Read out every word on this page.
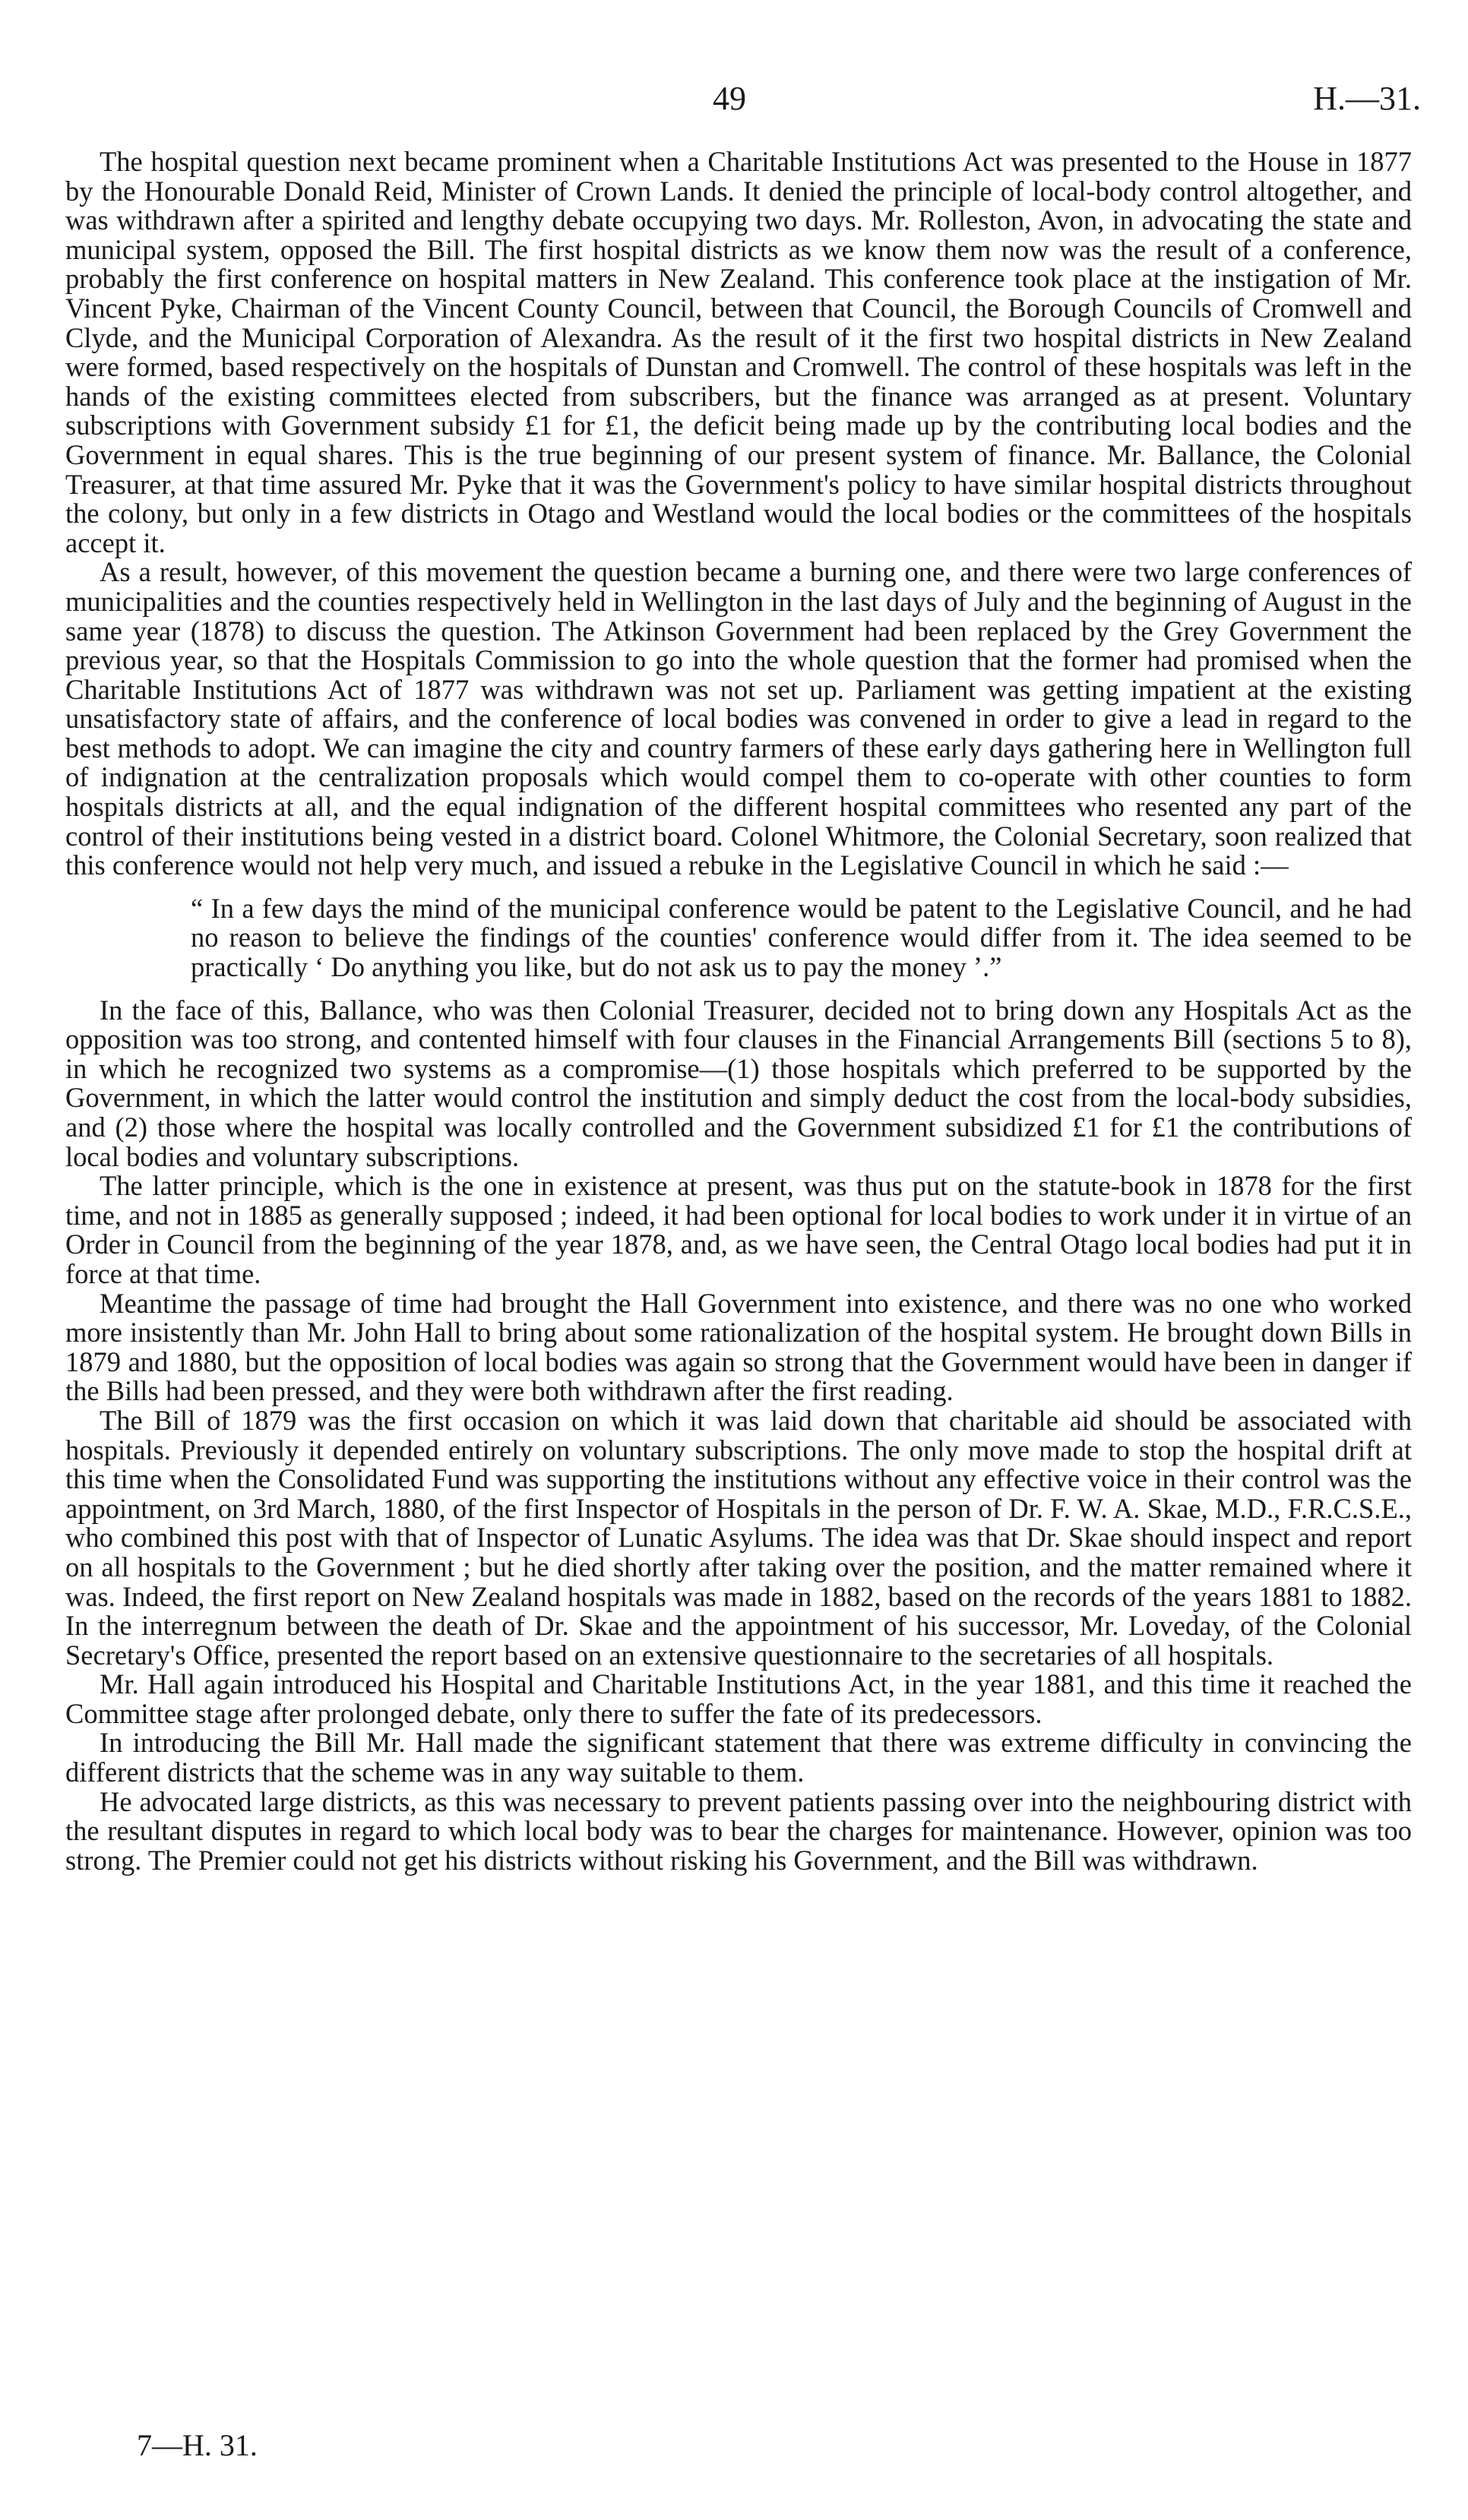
49	H.—31.

The hospital question next became prominent when a Charitable Institutions Act was presented to the House in 1877 by the Honourable Donald Reid, Minister of Crown Lands. It denied the principle of local-body control altogether, and was withdrawn after a spirited and lengthy debate occupying two days. Mr. Rolleston, Avon, in advocating the state and municipal system, opposed the Bill. The first hospital districts as we know them now was the result of a conference, probably the first conference on hospital matters in New Zealand. This conference took place at the instigation of Mr. Vincent Pyke, Chairman of the Vincent County Council, between that Council, the Borough Councils of Cromwell and Clyde, and the Municipal Corporation of Alexandra. As the result of it the first two hospital districts in New Zealand were formed, based respectively on the hospitals of Dunstan and Cromwell. The control of these hospitals was left in the hands of the existing committees elected from subscribers, but the finance was arranged as at present. Voluntary subscriptions with Government subsidy £1 for £1, the deficit being made up by the contributing local bodies and the Government in equal shares. This is the true beginning of our present system of finance. Mr. Ballance, the Colonial Treasurer, at that time assured Mr. Pyke that it was the Government's policy to have similar hospital districts throughout the colony, but only in a few districts in Otago and Westland would the local bodies or the committees of the hospitals accept it.

As a result, however, of this movement the question became a burning one, and there were two large conferences of municipalities and the counties respectively held in Wellington in the last days of July and the beginning of August in the same year (1878) to discuss the question. The Atkinson Government had been replaced by the Grey Government the previous year, so that the Hospitals Commission to go into the whole question that the former had promised when the Charitable Institutions Act of 1877 was withdrawn was not set up. Parliament was getting impatient at the existing unsatisfactory state of affairs, and the conference of local bodies was convened in order to give a lead in regard to the best methods to adopt. We can imagine the city and country farmers of these early days gathering here in Wellington full of indignation at the centralization proposals which would compel them to co-operate with other counties to form hospitals districts at all, and the equal indignation of the different hospital committees who resented any part of the control of their institutions being vested in a district board. Colonel Whitmore, the Colonial Secretary, soon realized that this conference would not help very much, and issued a rebuke in the Legislative Council in which he said :—

“ In a few days the mind of the municipal conference would be patent to the Legislative Council, and he had no reason to believe the findings of the counties' conference would differ from it. The idea seemed to be practically ‘ Do anything you like, but do not ask us to pay the money ’.”

In the face of this, Ballance, who was then Colonial Treasurer, decided not to bring down any Hospitals Act as the opposition was too strong, and contented himself with four clauses in the Financial Arrangements Bill (sections 5 to 8), in which he recognized two systems as a compromise—(1) those hospitals which preferred to be supported by the Government, in which the latter would control the institution and simply deduct the cost from the local-body subsidies, and (2) those where the hospital was locally controlled and the Government subsidized £1 for £1 the contributions of local bodies and voluntary subscriptions.

The latter principle, which is the one in existence at present, was thus put on the statute-book in 1878 for the first time, and not in 1885 as generally supposed ; indeed, it had been optional for local bodies to work under it in virtue of an Order in Council from the beginning of the year 1878, and, as we have seen, the Central Otago local bodies had put it in force at that time.

Meantime the passage of time had brought the Hall Government into existence, and there was no one who worked more insistently than Mr. John Hall to bring about some rationalization of the hospital system. He brought down Bills in 1879 and 1880, but the opposition of local bodies was again so strong that the Government would have been in danger if the Bills had been pressed, and they were both withdrawn after the first reading.

The Bill of 1879 was the first occasion on which it was laid down that charitable aid should be associated with hospitals. Previously it depended entirely on voluntary subscriptions. The only move made to stop the hospital drift at this time when the Consolidated Fund was supporting the institutions without any effective voice in their control was the appointment, on 3rd March, 1880, of the first Inspector of Hospitals in the person of Dr. F. W. A. Skae, M.D., F.R.C.S.E., who combined this post with that of Inspector of Lunatic Asylums. The idea was that Dr. Skae should inspect and report on all hospitals to the Government ; but he died shortly after taking over the position, and the matter remained where it was. Indeed, the first report on New Zealand hospitals was made in 1882, based on the records of the years 1881 to 1882. In the interregnum between the death of Dr. Skae and the appointment of his successor, Mr. Loveday, of the Colonial Secretary's Office, presented the report based on an extensive questionnaire to the secretaries of all hospitals.

Mr. Hall again introduced his Hospital and Charitable Institutions Act, in the year 1881, and this time it reached the Committee stage after prolonged debate, only there to suffer the fate of its predecessors.

In introducing the Bill Mr. Hall made the significant statement that there was extreme difficulty in convincing the different districts that the scheme was in any way suitable to them.

He advocated large districts, as this was necessary to prevent patients passing over into the neighbouring district with the resultant disputes in regard to which local body was to bear the charges for maintenance. However, opinion was too strong. The Premier could not get his districts without risking his Government, and the Bill was withdrawn.

7—H. 31.
